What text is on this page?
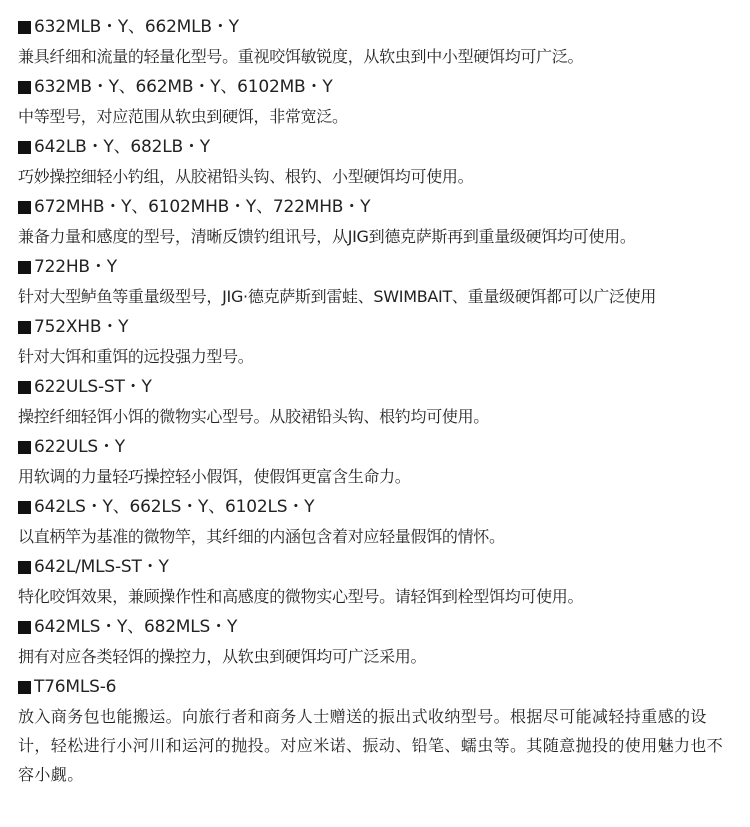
632MLB・Y、662MLB・Y

兼具纤细和流量的轻量化型号。重视咬饵敏锐度，从软虫到中小型硬饵均可广泛。

632MB・Y、662MB・Y、6102MB・Y

中等型号，对应范围从软虫到硬饵，非常宽泛。

642LB・Y、682LB・Y

巧妙操控细轻小钓组，从胶裙铅头钩、根钓、小型硬饵均可使用。

672MHB・Y、6102MHB・Y、722MHB・Y

兼备力量和感度的型号，清晰反馈钓组讯号，从JIG到德克萨斯再到重量级硬饵均可使用。

722HB・Y

针对大型鲈鱼等重量级型号，JIG·德克萨斯到雷蛙、SWIMBAIT、重量级硬饵都可以广泛使用

752XHB・Y

针对大饵和重饵的远投强力型号。

622ULS-ST・Y

操控纤细轻饵小饵的微物实心型号。从胶裙铅头钩、根钓均可使用。

622ULS・Y

用软调的力量轻巧操控轻小假饵，使假饵更富含生命力。

642LS・Y、662LS・Y、6102LS・Y

以直柄竿为基准的微物竿，其纤细的内涵包含着对应轻量假饵的情怀。

642L/MLS-ST・Y

特化咬饵效果，兼顾操作性和高感度的微物实心型号。请轻饵到栓型饵均可使用。

642MLS・Y、682MLS・Y

拥有对应各类轻饵的操控力，从软虫到硬饵均可广泛采用。

T76MLS-6

放入商务包也能搬运。向旅行者和商务人士赠送的振出式收纳型号。根据尽可能减轻持重感的设计，轻松进行小河川和运河的抛投。对应米诺、振动、铅笔、蠕虫等。其随意抛投的使用魅力也不容小觑。
